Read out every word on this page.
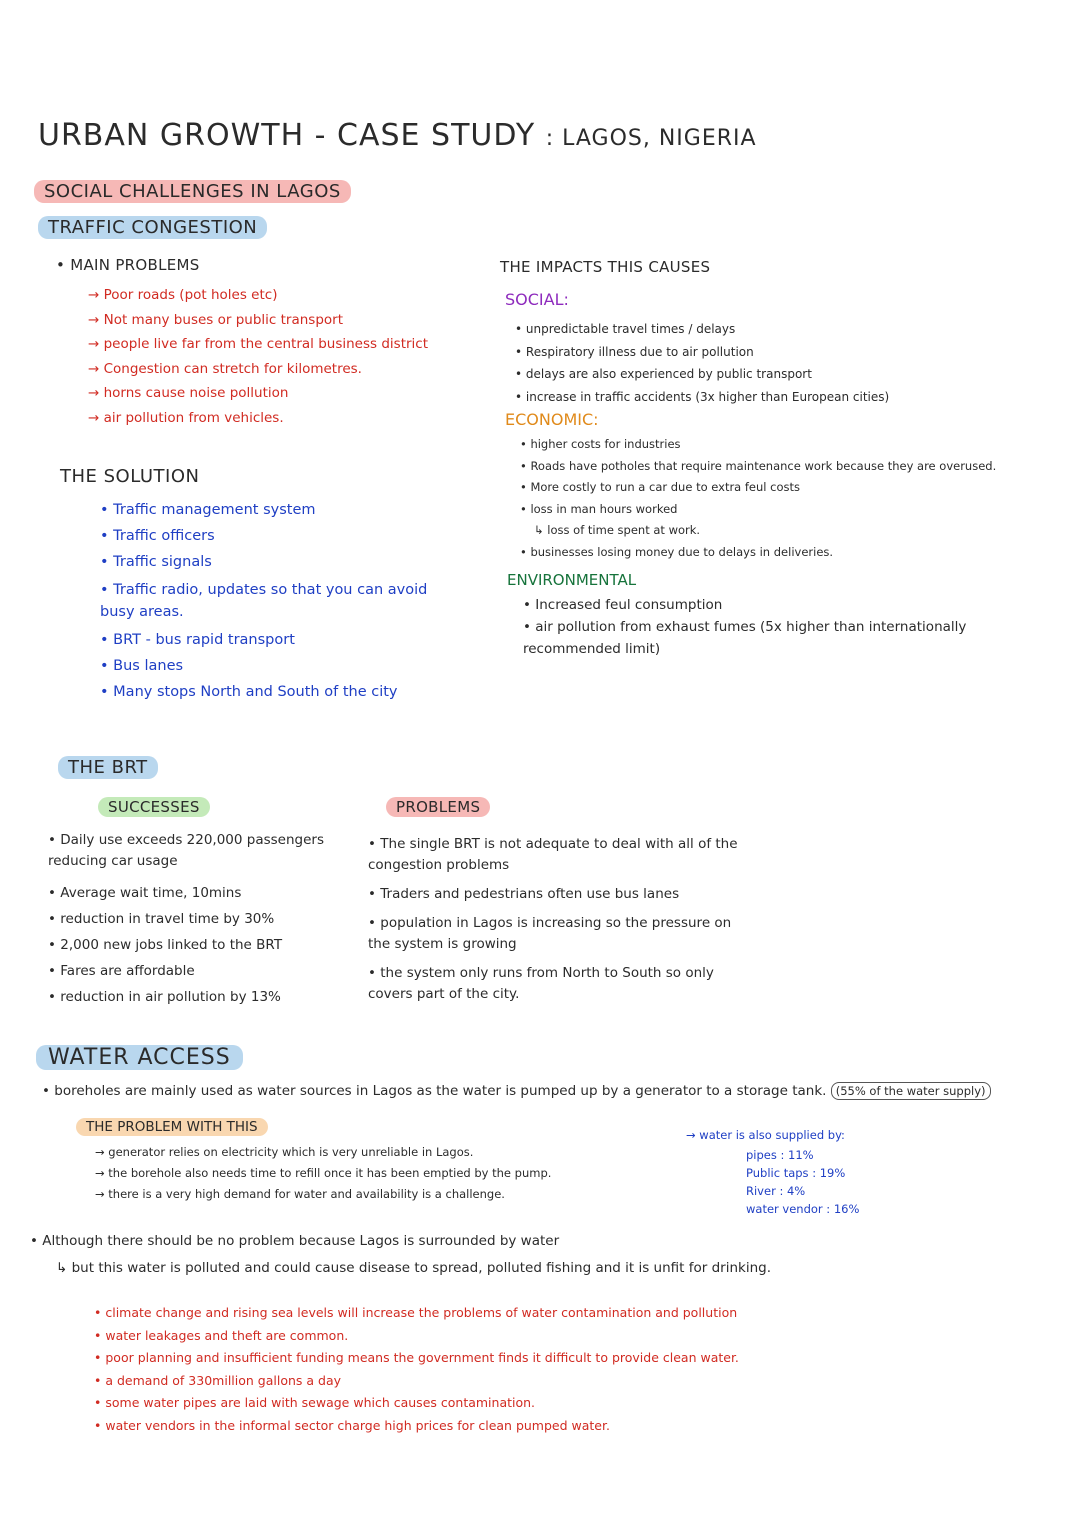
URBAN GROWTH - CASE STUDY : LAGOS, NIGERIA
SOCIAL CHALLENGES IN LAGOS
TRAFFIC CONGESTION
• MAIN PROBLEMS
→ Poor roads (pot holes etc)
→ Not many buses or public transport
→ people live far from the central business district
→ Congestion can stretch for kilometres.
→ horns cause noise pollution
→ air pollution from vehicles.
THE SOLUTION
• Traffic management system
• Traffic officers
• Traffic signals
• Traffic radio, updates so that you can avoid busy areas.
• BRT - bus rapid transport
• Bus lanes
• Many stops North and South of the city
THE IMPACTS THIS CAUSES
SOCIAL:
• unpredictable travel times / delays
• Respiratory illness due to air pollution
• delays are also experienced by public transport
• increase in traffic accidents (3x higher than European cities)
ECONOMIC:
• higher costs for industries
• Roads have potholes that require maintenance work because they are overused.
• More costly to run a car due to extra feul costs
• loss in man hours worked
↳ loss of time spent at work.
• businesses losing money due to delays in deliveries.
ENVIRONMENTAL
• Increased feul consumption
• air pollution from exhaust fumes (5x higher than internationally recommended limit)
THE BRT
SUCCESSES
• Daily use exceeds 220,000 passengers reducing car usage
• Average wait time, 10mins
• reduction in travel time by 30%
• 2,000 new jobs linked to the BRT
• Fares are affordable
• reduction in air pollution by 13%
PROBLEMS
• The single BRT is not adequate to deal with all of the congestion problems
• Traders and pedestrians often use bus lanes
• population in Lagos is increasing so the pressure on the system is growing
• the system only runs from North to South so only covers part of the city.
WATER ACCESS
• boreholes are mainly used as water sources in Lagos as the water is pumped up by a generator to a storage tank. (55% of the water supply)
THE PROBLEM WITH THIS
→ generator relies on electricity which is very unreliable in Lagos.
→ the borehole also needs time to refill once it has been emptied by the pump.
→ there is a very high demand for water and availability is a challenge.
→ water is also supplied by:
pipes : 11%
Public taps : 19%
River : 4%
water vendor : 16%
• Although there should be no problem because Lagos is surrounded by water
↳ but this water is polluted and could cause disease to spread, polluted fishing and it is unfit for drinking.
• climate change and rising sea levels will increase the problems of water contamination and pollution
• water leakages and theft are common.
• poor planning and insufficient funding means the government finds it difficult to provide clean water.
• a demand of 330million gallons a day
• some water pipes are laid with sewage which causes contamination.
• water vendors in the informal sector charge high prices for clean pumped water.
